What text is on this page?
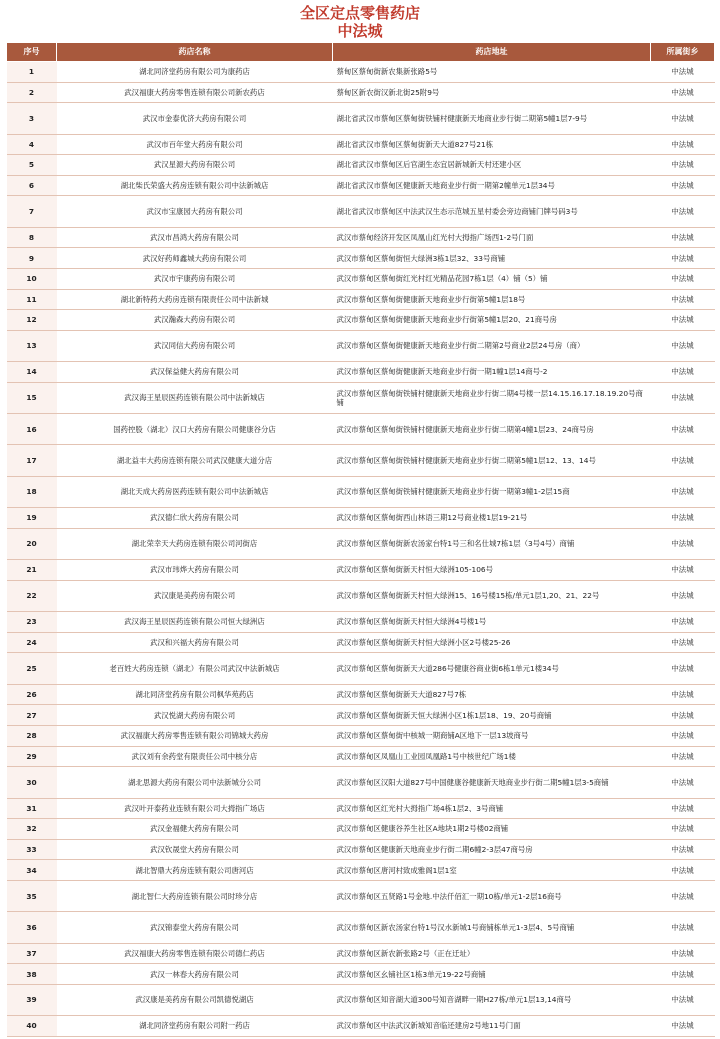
全区定点零售药店
中法城
序号	药店名称	药店地址	所属街乡
1	湖北同济堂药房有限公司为康药店	蔡甸区蔡甸街新农集新张路5号	中法城
2	武汉福康大药房零售连锁有限公司新农药店	蔡甸区新农街汉新北街25附9号	中法城
3	武汉市金泰优济大药房有限公司	湖北省武汉市蔡甸区蔡甸街铁铺村健康新天地商业步行街二期第5幢1层7-9号	中法城
4	武汉市百年堂大药房有限公司	湖北省武汉市蔡甸区蔡甸街新天大道827号21栋	中法城
5	武汉星源大药房有限公司	湖北省武汉市蔡甸区后官湖生态宜居新城新天村还建小区	中法城
6	湖北柴氏荣盛大药房连锁有限公司中法新城店	湖北省武汉市蔡甸区健康新天地商业步行街一期第2幢单元1层34号	中法城
7	武汉市宝康园大药房有限公司	湖北省武汉市蔡甸区中法武汉生态示范城五星村委会旁边商铺门牌号码3号	中法城
8	武汉市昌鸿大药房有限公司	武汉市蔡甸经济开发区凤凰山红光村大拇指广场西1-2号门面	中法城
9	武汉好药师鑫城大药房有限公司	武汉市蔡甸区蔡甸街恒大绿洲3栋1层32、33号商铺	中法城
10	武汉市宇康药房有限公司	武汉市蔡甸区蔡甸街红光村红光精品花园7栋1层（4）铺（5）铺	中法城
11	湖北新特药大药房连锁有限责任公司中法新城	武汉市蔡甸区蔡甸街健康新天地商业步行街第5幢1层18号	中法城
12	武汉瀚森大药房有限公司	武汉市蔡甸区蔡甸街健康新天地商业步行街第5幢1层20、21商号房	中法城
13	武汉同信大药房有限公司	武汉市蔡甸区蔡甸街健康新天地商业步行街二期第2号商业2层24号房（商）	中法城
14	武汉保益健大药房有限公司	武汉市蔡甸区蔡甸街健康新天地商业步行街一期1幢1层14商号-2	中法城
15	武汉海王星辰医药连锁有限公司中法新城店	武汉市蔡甸区蔡甸街铁铺村健康新天地商业步行街二期4号楼一层14.15.16.17.18.19.20号商铺	中法城
16	国药控股（湖北）汉口大药房有限公司健康谷分店	武汉市蔡甸区蔡甸街铁铺村健康新天地商业步行街二期第4幢1层23、24商号房	中法城
17	湖北益丰大药房连锁有限公司武汉健康大道分店	武汉市蔡甸区蔡甸街铁铺村健康新天地商业步行街二期第5幢1层12、13、14号	中法城
18	湖北天成大药房医药连锁有限公司中法新城店	武汉市蔡甸区蔡甸街铁铺村健康新天地商业步行街一期第3幢1-2层15商	中法城
19	武汉德仁欣大药房有限公司	武汉市蔡甸区蔡甸街西山林语三期12号商业楼1层19-21号	中法城
20	湖北荣幸天大药房连锁有限公司河街店	武汉市蔡甸区蔡甸街新农汤家台特1号三和名仕城7栋1层（3号4号）商铺	中法城
21	武汉市玮烨大药房有限公司	武汉市蔡甸区蔡甸街新天村恒大绿洲105-106号	中法城
22	武汉康是美药房有限公司	武汉市蔡甸区蔡甸街新天村恒大绿洲15、16号楼15栋/单元1层1,20、21、22号	中法城
23	武汉海王星辰医药连锁有限公司恒大绿洲店	武汉市蔡甸区蔡甸街新天村恒大绿洲4号楼1号	中法城
24	武汉和兴福大药房有限公司	武汉市蔡甸区蔡甸街新天村恒大绿洲小区2号楼25-26	中法城
25	老百姓大药房连锁（湖北）有限公司武汉中法新城店	武汉市蔡甸区蔡甸街新天大道286号健康谷商业街6栋1单元1楼34号	中法城
26	湖北同济堂药房有限公司枫华苑药店	武汉市蔡甸区蔡甸街新天大道827号7栋	中法城
27	武汉悦湖大药房有限公司	武汉市蔡甸区蔡甸街新天恒大绿洲小区1栋1层18、19、20号商铺	中法城
28	武汉福康大药房零售连锁有限公司锦城大药房	武汉市蔡甸区蔡甸街中核城一期商铺A区地下一层13坡商号	中法城
29	武汉刘有余药堂有限责任公司中核分店	武汉市蔡甸区凤凰山工业园凤凰路1号中核世纪广场1楼	中法城
30	湖北思源大药房有限公司中法新城分公司	武汉市蔡甸区汉阳大道827号中国健康谷健康新天地商业步行街二期5幢1层3-5商铺	中法城
31	武汉叶开泰药业连锁有限公司大拇指广场店	武汉市蔡甸区红光村大拇指广场4栋1层2、3号商铺	中法城
32	武汉金福健大药房有限公司	武汉市蔡甸区健康谷养生社区A地块1期2号楼02商铺	中法城
33	武汉钦晟堂大药房有限公司	武汉市蔡甸区健康新天地商业步行街二期6幢2-3层47商号房	中法城
34	湖北智鼎大药房连锁有限公司唐河店	武汉市蔡甸区唐河村致成雅阁1层1室	中法城
35	湖北智仁大药房连锁有限公司时珍分店	武汉市蔡甸区五贤路1号金地.中法仟佰汇一期10栋/单元1-2层16商号	中法城
36	武汉锦泰堂大药房有限公司	武汉市蔡甸区新农汤家台特1号汉水新城1号商铺栋单元1-3层4、5号商铺	中法城
37	武汉福康大药房零售连锁有限公司德仁药店	武汉市蔡甸区新农新张路2号（正在迁址）	中法城
38	武汉一林春大药房有限公司	武汉市蔡甸区幺铺社区1栋3单元19-22号商铺	中法城
39	武汉康是美药房有限公司凯德悦湖店	武汉市蔡甸区知音湖大道300号知音湖畔一期H27栋/单元1层13,14商号	中法城
40	湖北同济堂药房有限公司附一药店	武汉市蔡甸区中法武汉新城知音临还建房2号地11号门面	中法城
